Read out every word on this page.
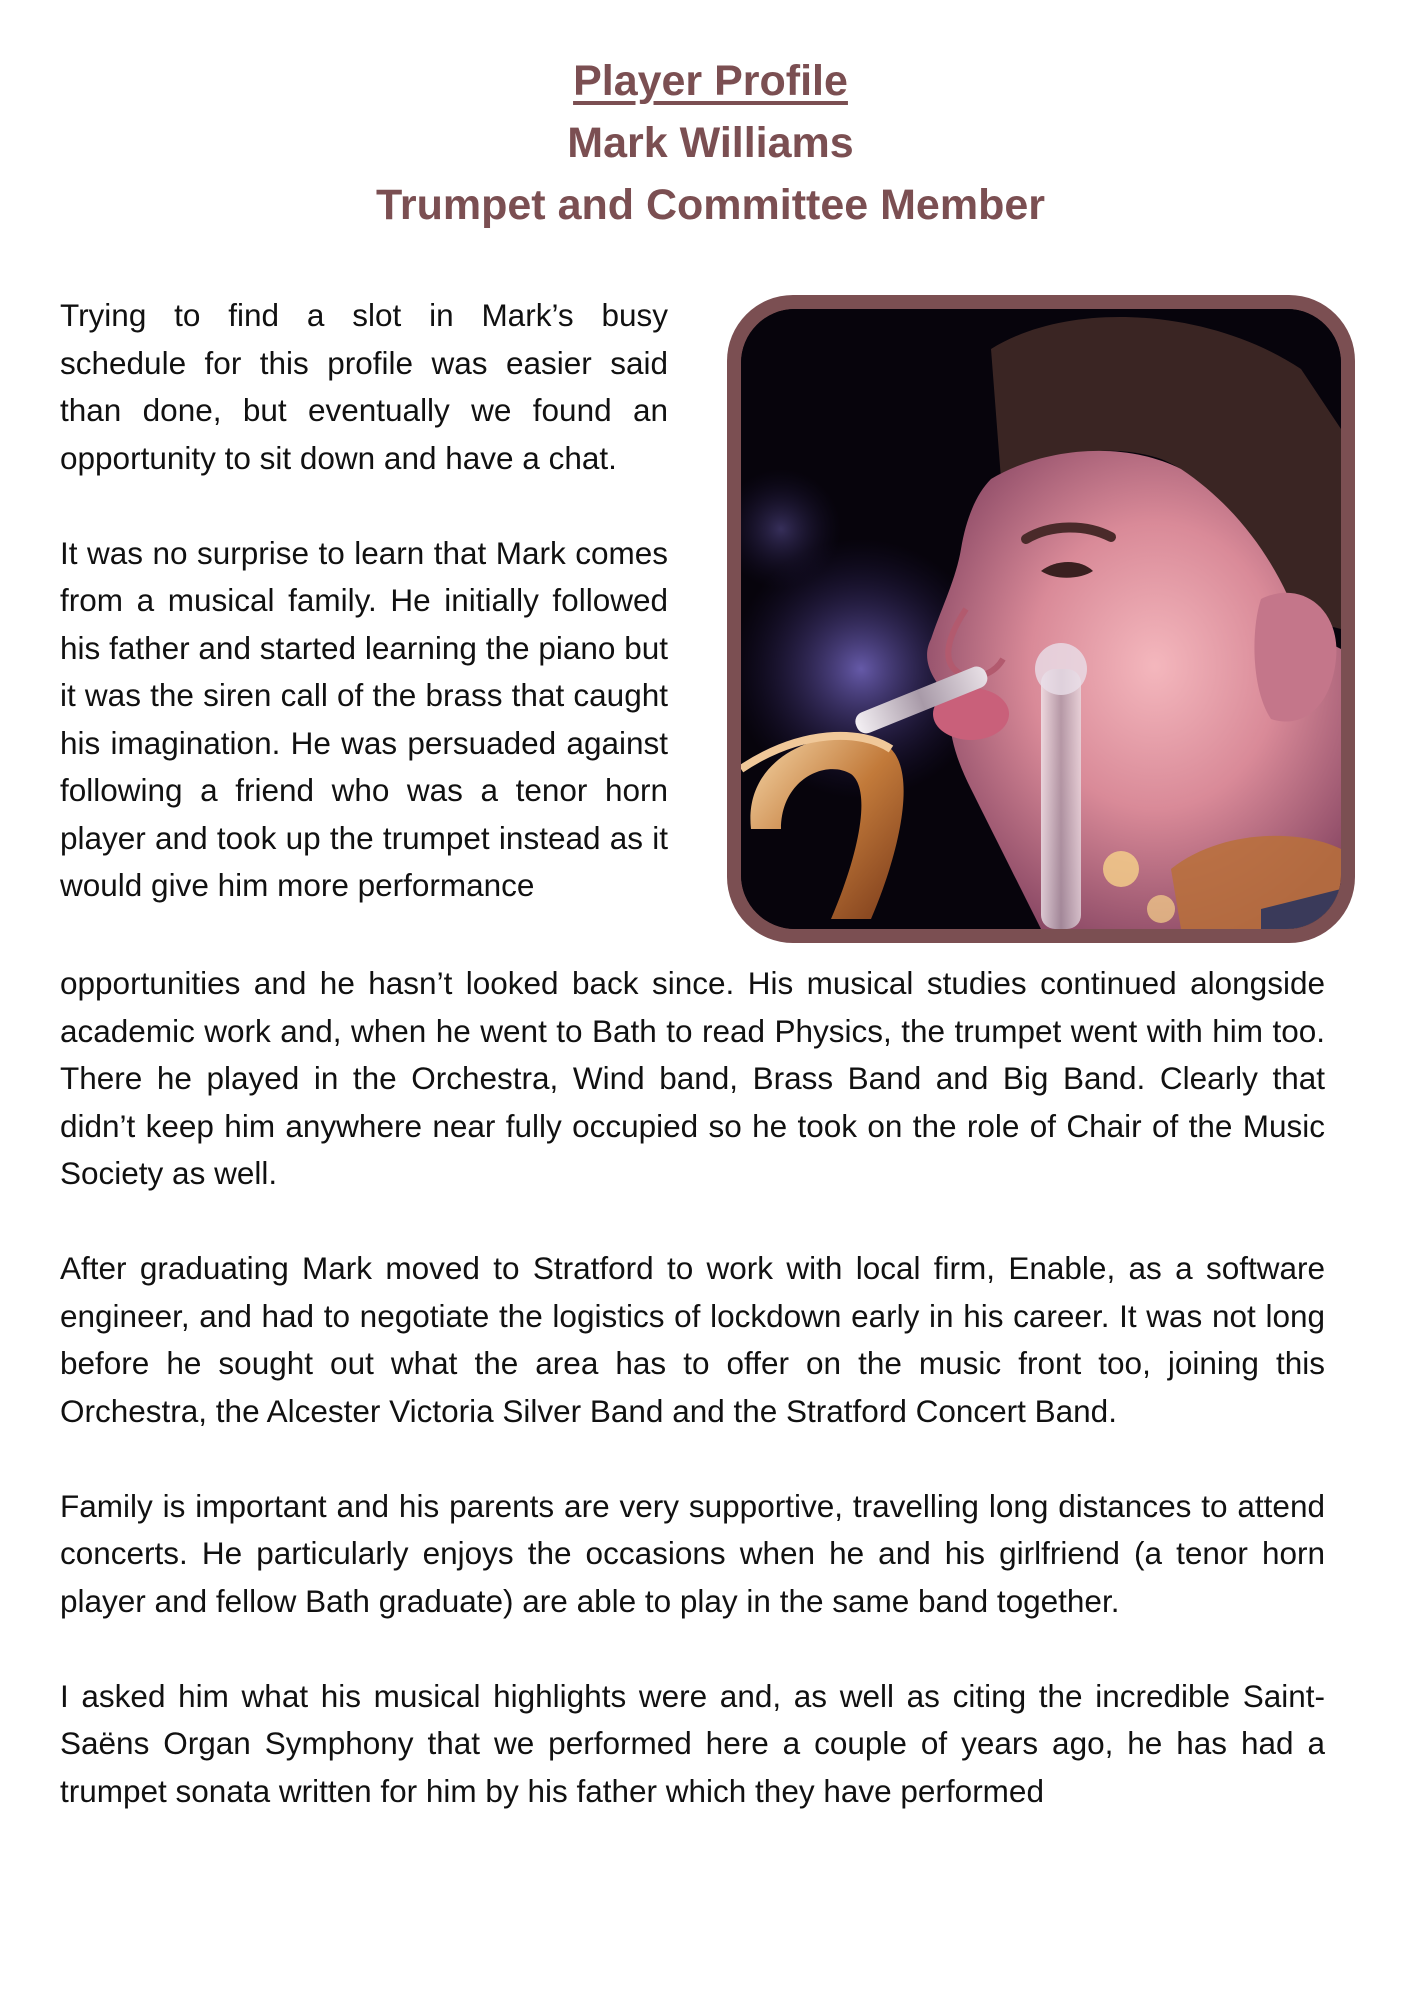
Player Profile
Mark Williams
Trumpet and Committee Member

Trying to find a slot in Mark’s busy schedule for this profile was easier said than done, but eventually we found an opportunity to sit down and have a chat.

It was no surprise to learn that Mark comes from a musical family. He initially followed his father and started learning the piano but it was the siren call of the brass that caught his imagination. He was persuaded against following a friend who was a tenor horn player and took up the trumpet instead as it would give him more performance

opportunities and he hasn’t looked back since. His musical studies continued alongside academic work and, when he went to Bath to read Physics, the trumpet went with him too. There he played in the Orchestra, Wind band, Brass Band and Big Band. Clearly that didn’t keep him anywhere near fully occupied so he took on the role of Chair of the Music Society as well.

After graduating Mark moved to Stratford to work with local firm, Enable, as a software engineer, and had to negotiate the logistics of lockdown early in his career. It was not long before he sought out what the area has to offer on the music front too, joining this Orchestra, the Alcester Victoria Silver Band and the Stratford Concert Band.

Family is important and his parents are very supportive, travelling long distances to attend concerts. He particularly enjoys the occasions when he and his girlfriend (a tenor horn player and fellow Bath graduate) are able to play in the same band together.

I asked him what his musical highlights were and, as well as citing the incredible Saint-Saëns Organ Symphony that we performed here a couple of years ago, he has had a trumpet sonata written for him by his father which they have performed
